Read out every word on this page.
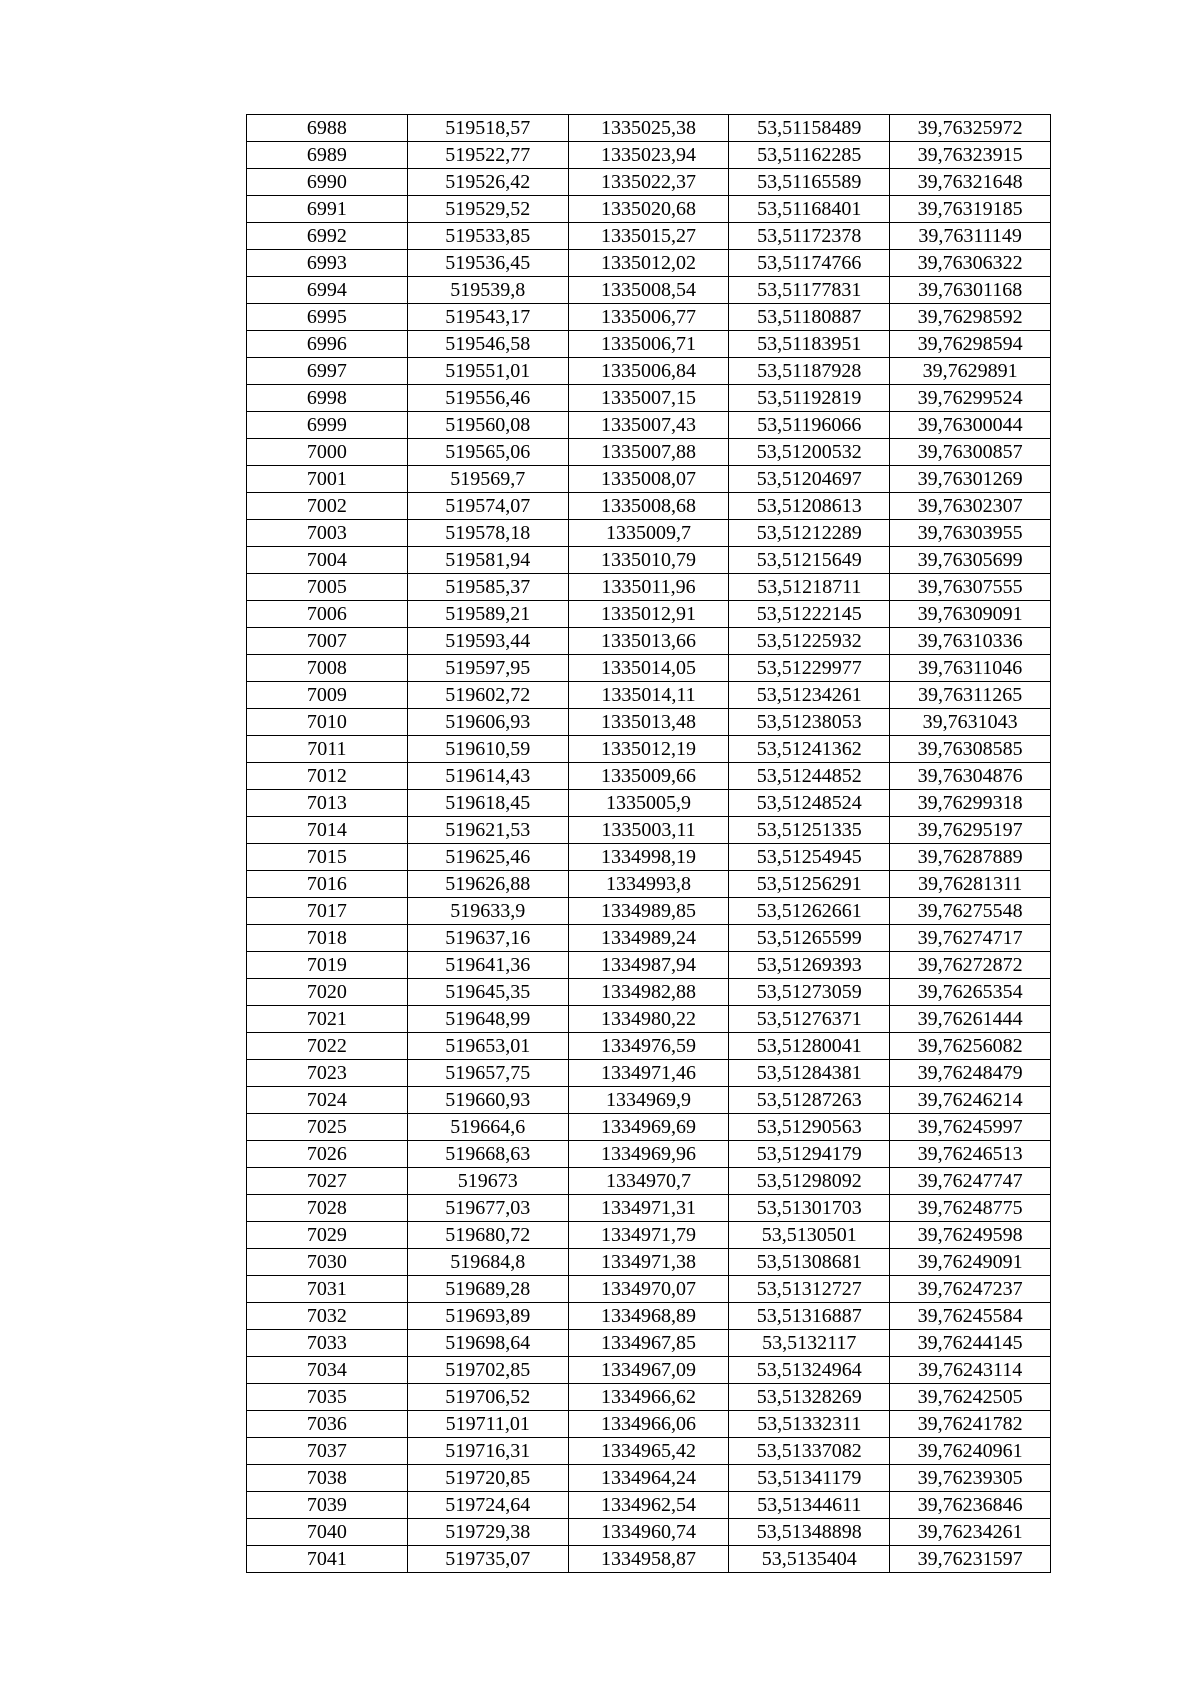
6988	519518,57	1335025,38	53,51158489	39,76325972
6989	519522,77	1335023,94	53,51162285	39,76323915
6990	519526,42	1335022,37	53,51165589	39,76321648
6991	519529,52	1335020,68	53,51168401	39,76319185
6992	519533,85	1335015,27	53,51172378	39,76311149
6993	519536,45	1335012,02	53,51174766	39,76306322
6994	519539,8	1335008,54	53,51177831	39,76301168
6995	519543,17	1335006,77	53,51180887	39,76298592
6996	519546,58	1335006,71	53,51183951	39,76298594
6997	519551,01	1335006,84	53,51187928	39,7629891
6998	519556,46	1335007,15	53,51192819	39,76299524
6999	519560,08	1335007,43	53,51196066	39,76300044
7000	519565,06	1335007,88	53,51200532	39,76300857
7001	519569,7	1335008,07	53,51204697	39,76301269
7002	519574,07	1335008,68	53,51208613	39,76302307
7003	519578,18	1335009,7	53,51212289	39,76303955
7004	519581,94	1335010,79	53,51215649	39,76305699
7005	519585,37	1335011,96	53,51218711	39,76307555
7006	519589,21	1335012,91	53,51222145	39,76309091
7007	519593,44	1335013,66	53,51225932	39,76310336
7008	519597,95	1335014,05	53,51229977	39,76311046
7009	519602,72	1335014,11	53,51234261	39,76311265
7010	519606,93	1335013,48	53,51238053	39,7631043
7011	519610,59	1335012,19	53,51241362	39,76308585
7012	519614,43	1335009,66	53,51244852	39,76304876
7013	519618,45	1335005,9	53,51248524	39,76299318
7014	519621,53	1335003,11	53,51251335	39,76295197
7015	519625,46	1334998,19	53,51254945	39,76287889
7016	519626,88	1334993,8	53,51256291	39,76281311
7017	519633,9	1334989,85	53,51262661	39,76275548
7018	519637,16	1334989,24	53,51265599	39,76274717
7019	519641,36	1334987,94	53,51269393	39,76272872
7020	519645,35	1334982,88	53,51273059	39,76265354
7021	519648,99	1334980,22	53,51276371	39,76261444
7022	519653,01	1334976,59	53,51280041	39,76256082
7023	519657,75	1334971,46	53,51284381	39,76248479
7024	519660,93	1334969,9	53,51287263	39,76246214
7025	519664,6	1334969,69	53,51290563	39,76245997
7026	519668,63	1334969,96	53,51294179	39,76246513
7027	519673	1334970,7	53,51298092	39,76247747
7028	519677,03	1334971,31	53,51301703	39,76248775
7029	519680,72	1334971,79	53,5130501	39,76249598
7030	519684,8	1334971,38	53,51308681	39,76249091
7031	519689,28	1334970,07	53,51312727	39,76247237
7032	519693,89	1334968,89	53,51316887	39,76245584
7033	519698,64	1334967,85	53,5132117	39,76244145
7034	519702,85	1334967,09	53,51324964	39,76243114
7035	519706,52	1334966,62	53,51328269	39,76242505
7036	519711,01	1334966,06	53,51332311	39,76241782
7037	519716,31	1334965,42	53,51337082	39,76240961
7038	519720,85	1334964,24	53,51341179	39,76239305
7039	519724,64	1334962,54	53,51344611	39,76236846
7040	519729,38	1334960,74	53,51348898	39,76234261
7041	519735,07	1334958,87	53,5135404	39,76231597
